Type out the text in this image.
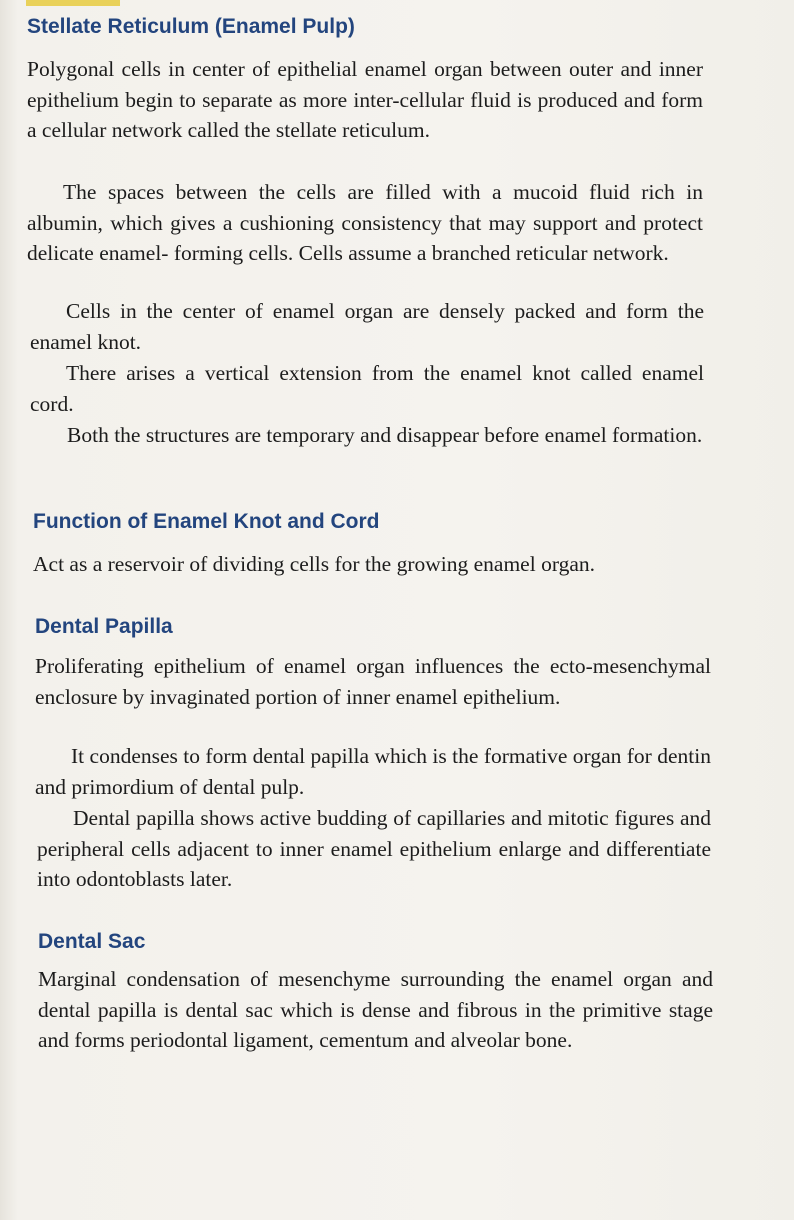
Stellate Reticulum (Enamel Pulp)

Polygonal cells in center of epithelial enamel organ between outer and inner epithelium begin to separate as more inter-cellular fluid is produced and form a cellular network called the stellate reticulum.

The spaces between the cells are filled with a mucoid fluid rich in albumin, which gives a cushioning consistency that may support and protect delicate enamel- forming cells. Cells assume a branched reticular network.

Cells in the center of enamel organ are densely packed and form the enamel knot.

There arises a vertical extension from the enamel knot called enamel cord.

Both the structures are temporary and disappear before enamel formation.

Function of Enamel Knot and Cord

Act as a reservoir of dividing cells for the growing enamel organ.

Dental Papilla

Proliferating epithelium of enamel organ influences the ecto-mesenchymal enclosure by invaginated portion of inner enamel epithelium.

It condenses to form dental papilla which is the formative organ for dentin and primordium of dental pulp.

Dental papilla shows active budding of capillaries and mitotic figures and peripheral cells adjacent to inner enamel epithelium enlarge and differentiate into odontoblasts later.

Dental Sac

Marginal condensation of mesenchyme surrounding the enamel organ and dental papilla is dental sac which is dense and fibrous in the primitive stage and forms periodontal ligament, cementum and alveolar bone.
